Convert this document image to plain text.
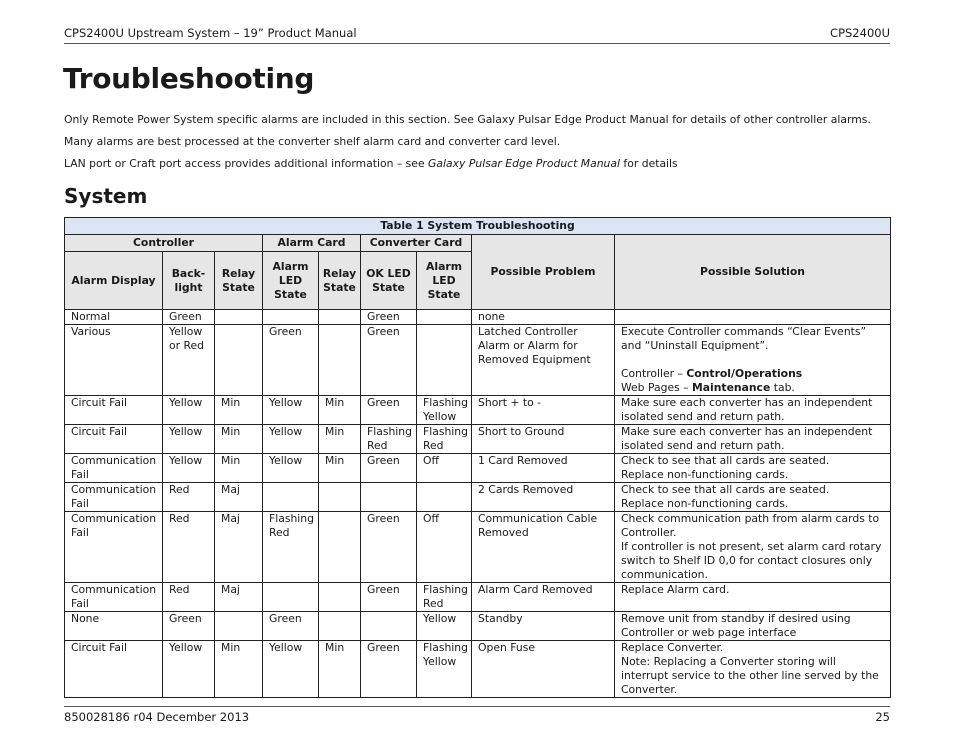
CPS2400U Upstream System – 19” Product Manual	CPS2400U
Troubleshooting
Only Remote Power System specific alarms are included in this section. See Galaxy Pulsar Edge Product Manual for details of other controller alarms.
Many alarms are best processed at the converter shelf alarm card and converter card level.
LAN port or Craft port access provides additional information – see Galaxy Pulsar Edge Product Manual for details
System
Table 1 System Troubleshooting								
Controller			Alarm Card		Converter Card		Possible Problem	Possible Solution
Alarm Display	Back-light	Relay State	Alarm LED State	Relay State	OK LED State	Alarm LED State		
Normal	Green				Green		none	
Various	Yellow or Red		Green		Green		Latched Controller Alarm or Alarm for Removed Equipment	Execute Controller commands “Clear Events” and “Uninstall Equipment”.
Controller – Control/Operations
Web Pages – Maintenance tab.

Circuit Fail	Yellow	Min	Yellow	Min	Green	Flashing Yellow	Short + to -	Make sure each converter has an independent isolated send and return path.

Circuit Fail	Yellow	Min	Yellow	Min	Flashing Red	Flashing Red	Short to Ground	Make sure each converter has an independent isolated send and return path.

Communication Fail	Yellow	Min	Yellow	Min	Green	Off	1 Card Removed	Check to see that all cards are seated.
Replace non-functioning cards.

Communication Fail	Red	Maj					2 Cards Removed	Check to see that all cards are seated.
Replace non-functioning cards.

Communication Fail	Red	Maj	Flashing Red		Green	Off	Communication Cable Removed	Check communication path from alarm cards to Controller.
If controller is not present, set alarm card rotary switch to Shelf ID 0,0 for contact closures only communication.

Communication Fail	Red	Maj			Green	Flashing Red	Alarm Card Removed	Replace Alarm card.

None	Green		Green			Yellow	Standby	Remove unit from standby if desired using Controller or web page interface

Circuit Fail	Yellow	Min	Yellow	Min	Green	Flashing Yellow	Open Fuse	Replace Converter.
Note: Replacing a Converter storing will interrupt service to the other line served by the Converter.
850028186 r04 December 2013	25
